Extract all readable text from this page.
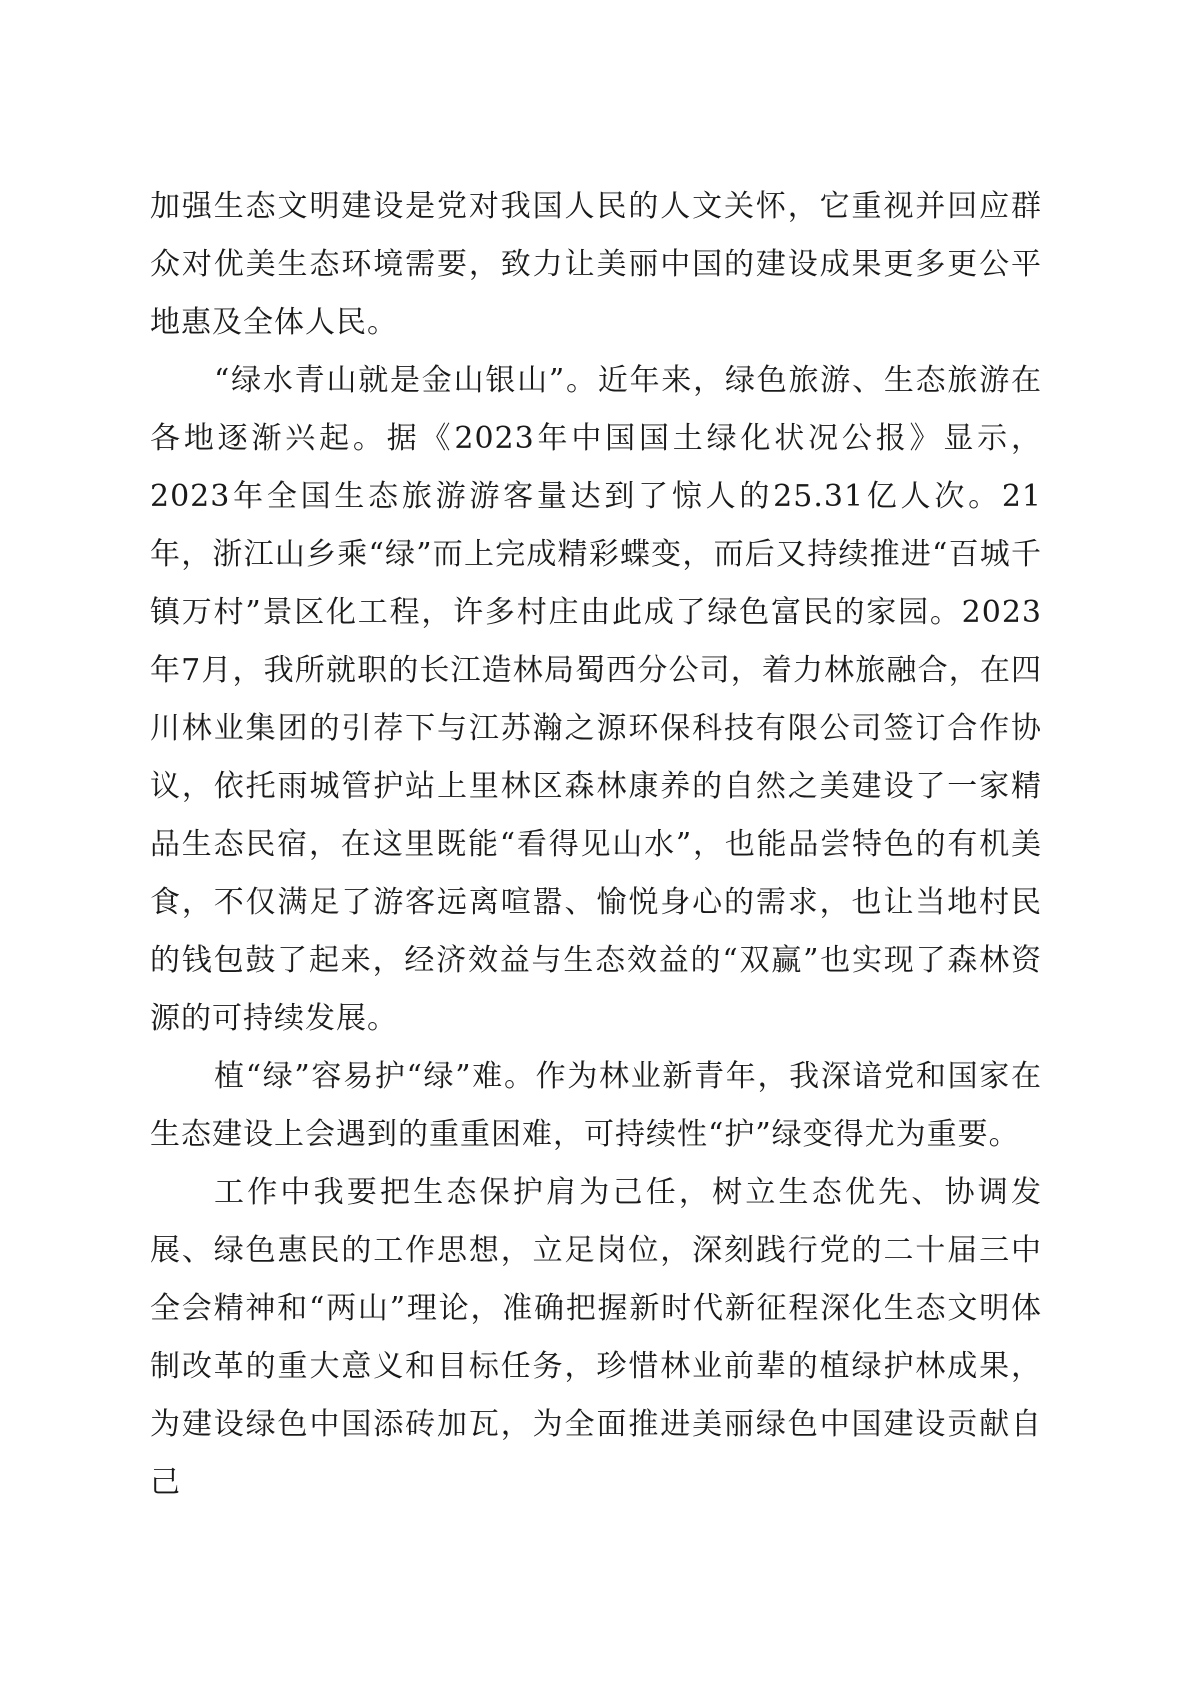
加强生态文明建设是党对我国人民的人文关怀，它重视并回应群众对优美生态环境需要，致力让美丽中国的建设成果更多更公平地惠及全体人民。

“绿水青山就是金山银山”。近年来，绿色旅游、生态旅游在各地逐渐兴起。据《2023年中国国土绿化状况公报》显示，2023年全国生态旅游游客量达到了惊人的25.31亿人次。21年，浙江山乡乘“绿”而上完成精彩蝶变，而后又持续推进“百城千镇万村”景区化工程，许多村庄由此成了绿色富民的家园。2023年7月，我所就职的长江造林局蜀西分公司，着力林旅融合，在四川林业集团的引荐下与江苏瀚之源环保科技有限公司签订合作协议，依托雨城管护站上里林区森林康养的自然之美建设了一家精品生态民宿，在这里既能“看得见山水”，也能品尝特色的有机美食，不仅满足了游客远离喧嚣、愉悦身心的需求，也让当地村民的钱包鼓了起来，经济效益与生态效益的“双赢”也实现了森林资源的可持续发展。

植“绿”容易护“绿”难。作为林业新青年，我深谙党和国家在生态建设上会遇到的重重困难，可持续性“护”绿变得尤为重要。

工作中我要把生态保护肩为己任，树立生态优先、协调发展、绿色惠民的工作思想，立足岗位，深刻践行党的二十届三中全会精神和“两山”理论，准确把握新时代新征程深化生态文明体制改革的重大意义和目标任务，珍惜林业前辈的植绿护林成果，为建设绿色中国添砖加瓦，为全面推进美丽绿色中国建设贡献自己
